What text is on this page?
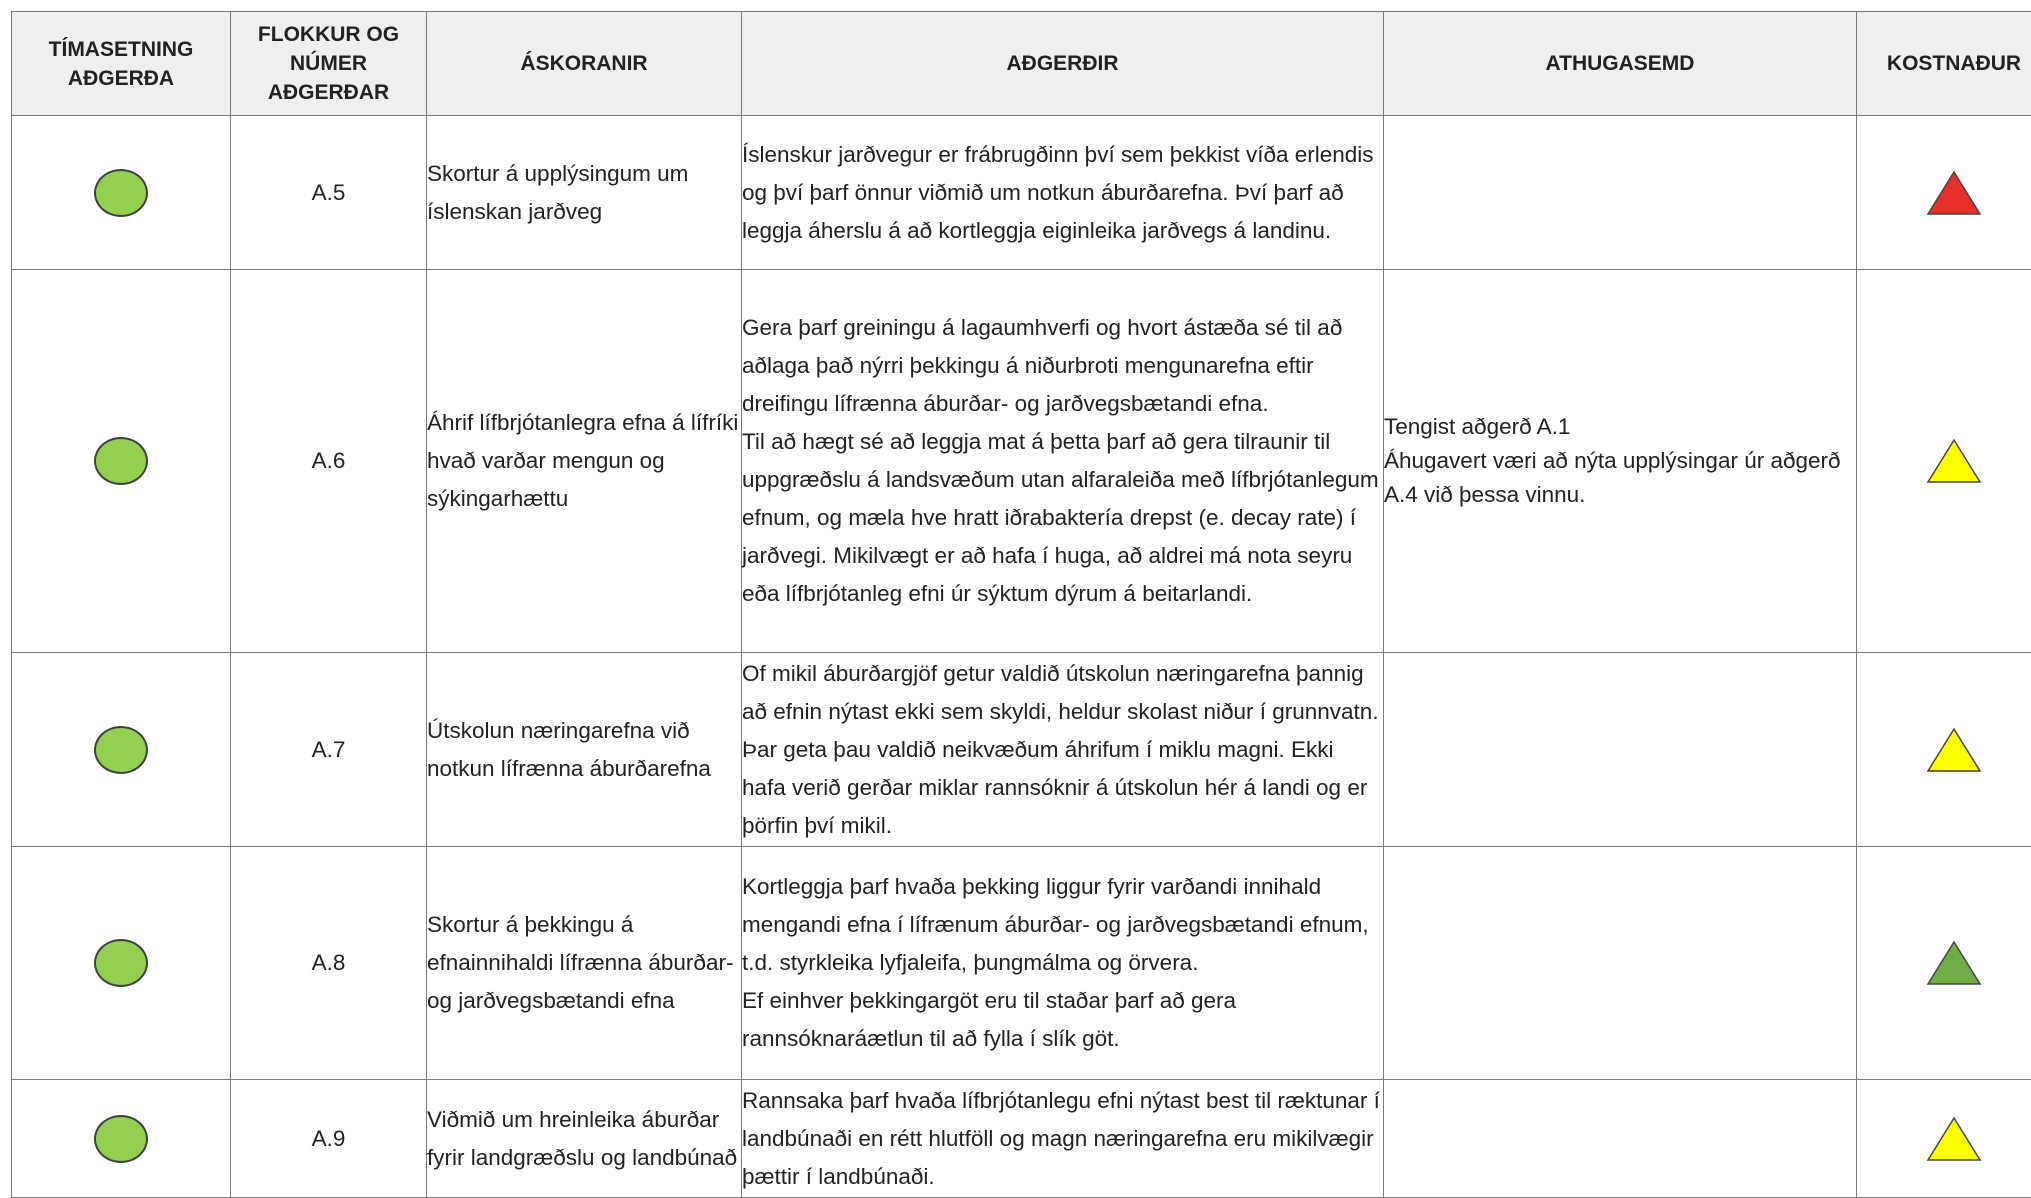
TÍMASETNING AÐGERÐA	FLOKKUR OG NÚMER AÐGERÐAR	ÁSKORANIR	AÐGERÐIR	ATHUGASEMD	KOSTNAÐUR
	A.5	Skortur á upplýsingum um íslenskan jarðveg	Íslenskur jarðvegur er frábrugðinn því sem þekkist víða erlendis og því þarf önnur viðmið um notkun áburðarefna. Því þarf að leggja áherslu á að kortleggja eiginleika jarðvegs á landinu.

	A.6	Áhrif lífbrjótanlegra efna á lífríki hvað varðar mengun og sýkingarhættu	Gera þarf greiningu á lagaumhverfi og hvort ástæða sé til að aðlaga það nýrri þekkingu á niðurbroti mengunarefna eftir dreifingu lífrænna áburðar- og jarðvegsbætandi efna.
Til að hægt sé að leggja mat á þetta þarf að gera tilraunir til uppgræðslu á landsvæðum utan alfaraleiða með lífbrjótanlegum efnum, og mæla hve hratt iðrabaktería drepst (e. decay rate) í jarðvegi. Mikilvægt er að hafa í huga, að aldrei má nota seyru eða lífbrjótanleg efni úr sýktum dýrum á beitarlandi.	Tengist aðgerð A.1
Áhugavert væri að nýta upplýsingar úr aðgerð A.4 við þessa vinnu.

	A.7	Útskolun næringarefna við notkun lífrænna áburðarefna	Of mikil áburðargjöf getur valdið útskolun næringarefna þannig að efnin nýtast ekki sem skyldi, heldur skolast niður í grunnvatn. Þar geta þau valdið neikvæðum áhrifum í miklu magni. Ekki hafa verið gerðar miklar rannsóknir á útskolun hér á landi og er þörfin því mikil.

	A.8	Skortur á þekkingu á efnainnihaldi lífrænna áburðar- og jarðvegsbætandi efna	Kortleggja þarf hvaða þekking liggur fyrir varðandi innihald mengandi efna í lífrænum áburðar- og jarðvegsbætandi efnum, t.d. styrkleika lyfjaleifa, þungmálma og örvera.
Ef einhver þekkingargöt eru til staðar þarf að gera rannsóknaráætlun til að fylla í slík göt.

	A.9	Viðmið um hreinleika áburðar fyrir landgræðslu og landbúnað	Rannsaka þarf hvaða lífbrjótanlegu efni nýtast best til ræktunar í landbúnaði en rétt hlutföll og magn næringarefna eru mikilvægir þættir í landbúnaði.
